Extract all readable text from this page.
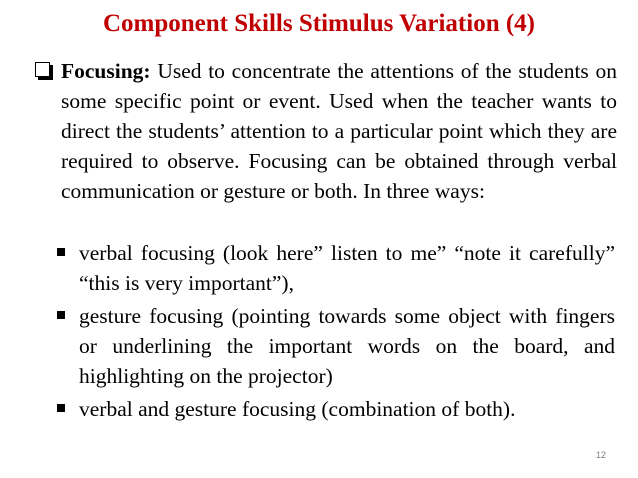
Component Skills Stimulus Variation (4)
Focusing: Used to concentrate the attentions of the students on some specific point or event. Used when the teacher wants to direct the students’ attention to a particular point which they are required to observe. Focusing can be obtained through verbal communication or gesture or both. In three ways:
verbal focusing (look here” listen to me” “note it carefully” “this is very important”),
gesture focusing (pointing towards some object with fingers or underlining the important words on the board, and highlighting on the projector)
verbal and gesture focusing (combination of both).
12
